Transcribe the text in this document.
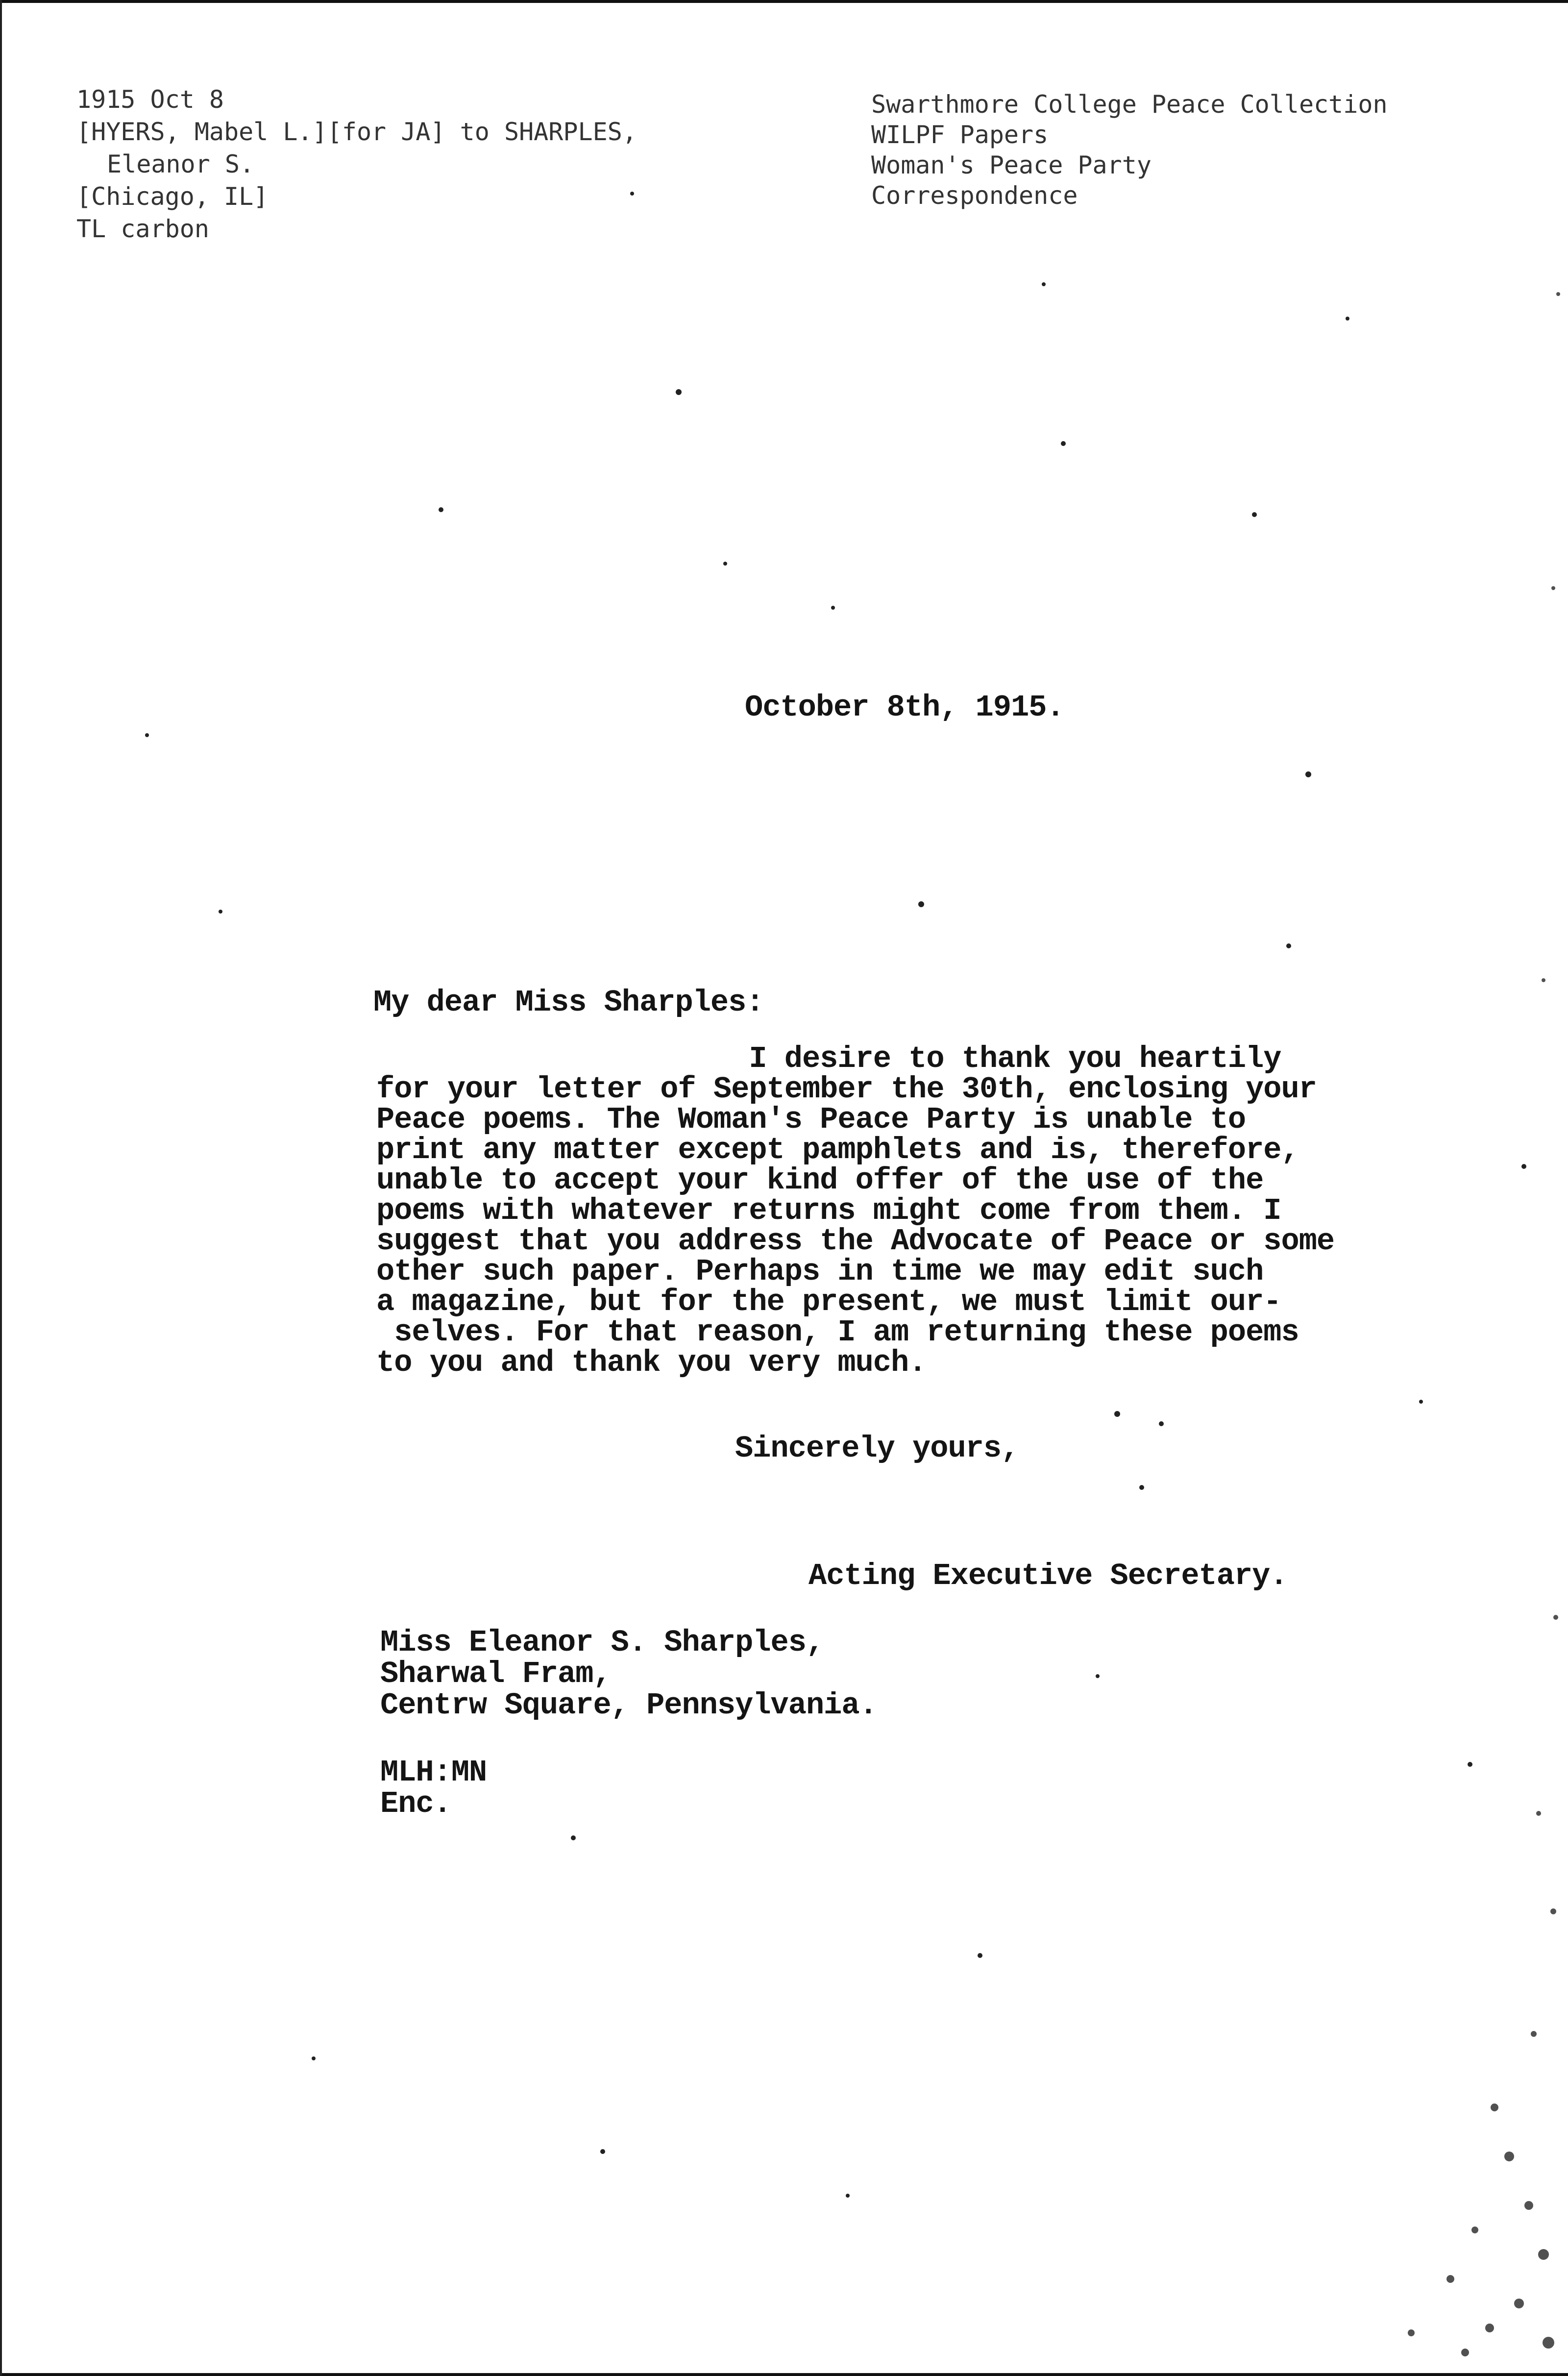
1915 Oct 8
[HYERS, Mabel L.][for JA] to SHARPLES,
Eleanor S.
[Chicago, IL]
TL carbon
Swarthmore College Peace Collection
WILPF Papers
Woman's Peace Party
Correspondence
October 8th, 1915.
My dear Miss Sharples:
I desire to thank you heartily
for your letter of September the 30th, enclosing your
Peace poems. The Woman's Peace Party is unable to
print any matter except pamphlets and is, therefore,
unable to accept your kind offer of the use of the
poems with whatever returns might come from them. I
suggest that you address the Advocate of Peace or some
other such paper. Perhaps in time we may edit such
a magazine, but for the present, we must limit our-
selves. For that reason, I am returning these poems
to you and thank you very much.
Sincerely yours,
Acting Executive Secretary.
Miss Eleanor S. Sharples,
Sharwal Fram,
Centrw Square, Pennsylvania.
MLH:MN
Enc.
